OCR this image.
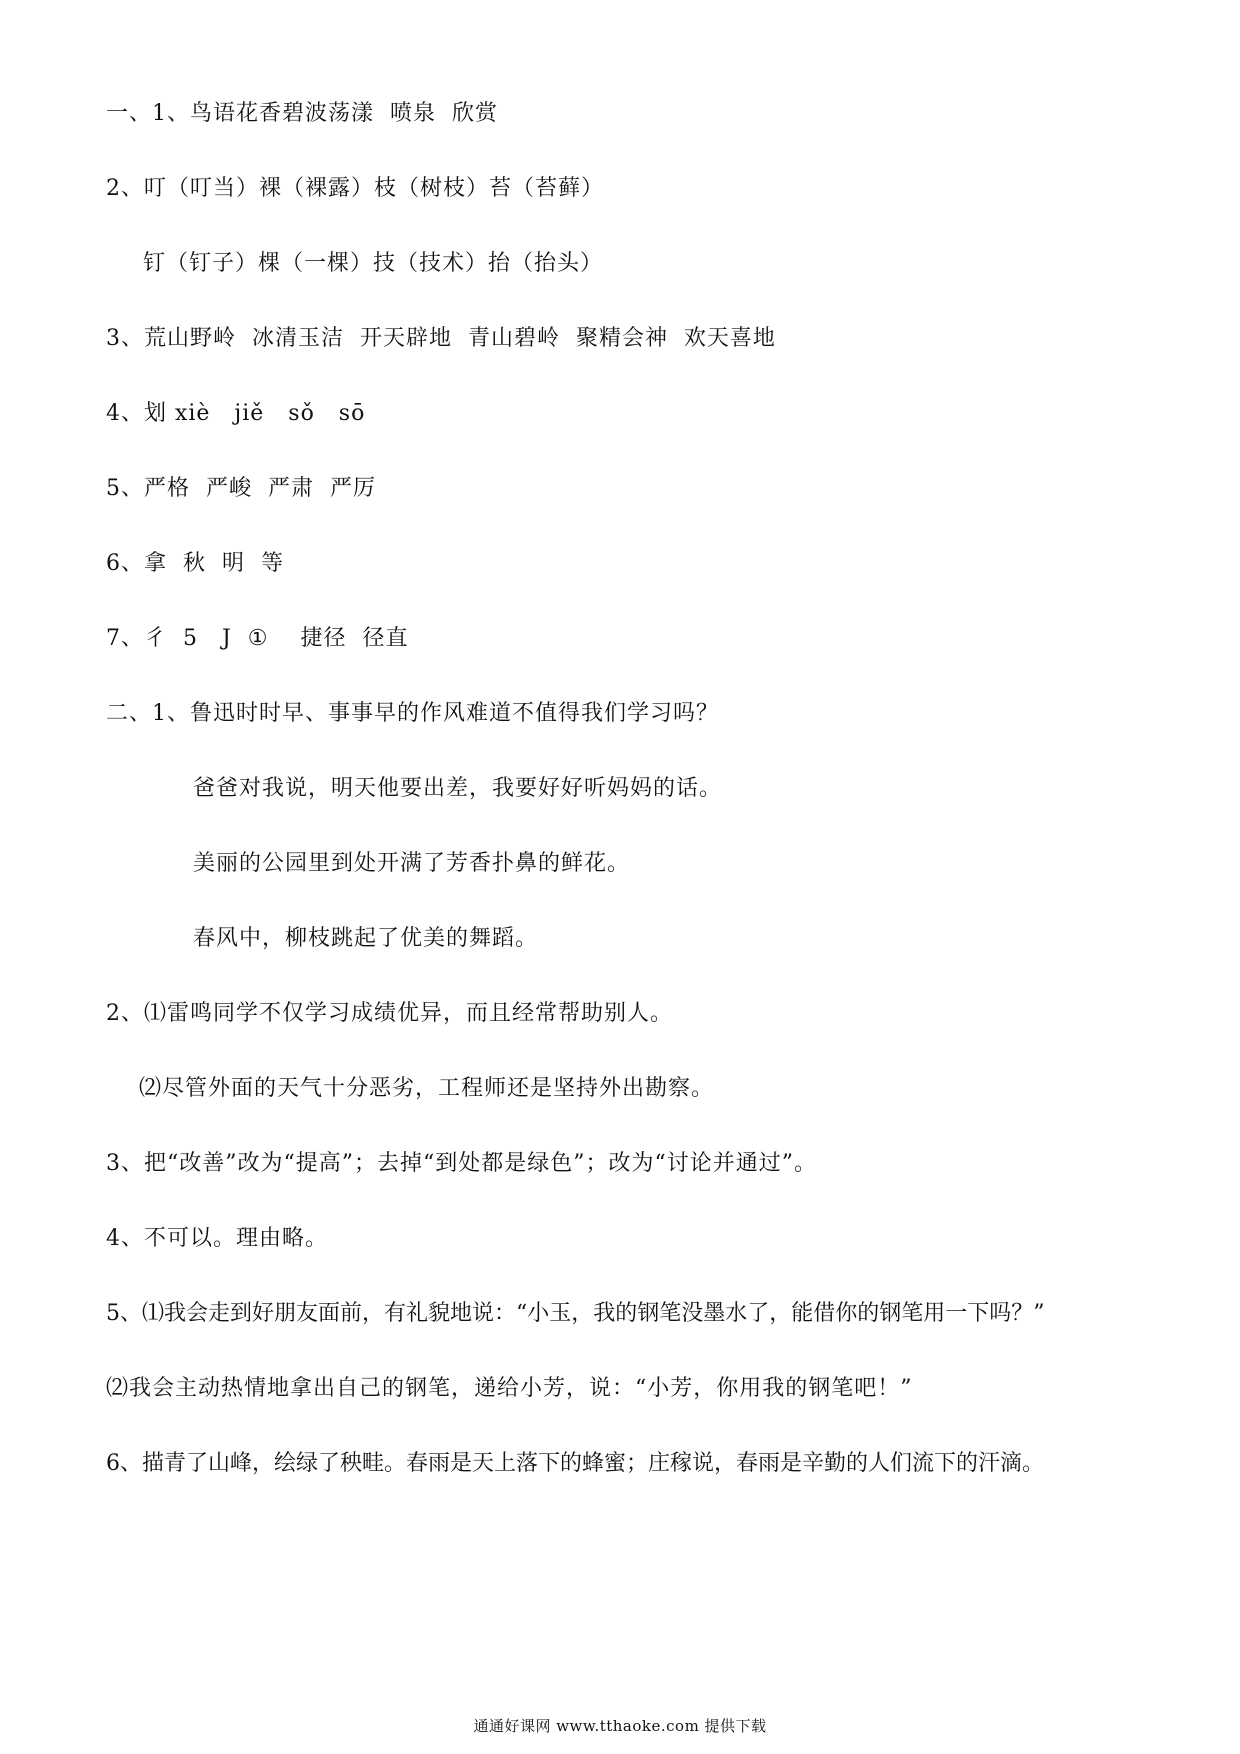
一、1、鸟语花香碧波荡漾  喷泉  欣赏
2、叮（叮当）裸（裸露）枝（树枝）苔（苔藓）
钉（钉子）棵（一棵）技（技术）抬（抬头）
3、荒山野岭  冰清玉洁  开天辟地  青山碧岭  聚精会神  欢天喜地
4、划 xiè   jiě   sǒ   sō
5、严格  严峻  严肃  严厉
6、拿  秋  明  等
7、彳  5   J  ①    捷径  径直
二、1、鲁迅时时早、事事早的作风难道不值得我们学习吗？
爸爸对我说，明天他要出差，我要好好听妈妈的话。
美丽的公园里到处开满了芳香扑鼻的鲜花。
春风中，柳枝跳起了优美的舞蹈。
2、⑴雷鸣同学不仅学习成绩优异，而且经常帮助别人。
⑵尽管外面的天气十分恶劣，工程师还是坚持外出勘察。
3、把“改善”改为“提高”；去掉“到处都是绿色”；改为“讨论并通过”。
4、不可以。理由略。
5、⑴我会走到好朋友面前，有礼貌地说：“小玉，我的钢笔没墨水了，能借你的钢笔用一下吗？”
⑵我会主动热情地拿出自己的钢笔，递给小芳，说：“小芳，你用我的钢笔吧！”
6、描青了山峰，绘绿了秧畦。春雨是天上落下的蜂蜜；庄稼说，春雨是辛勤的人们流下的汗滴。
通通好课网 www.tthaoke.com 提供下载
